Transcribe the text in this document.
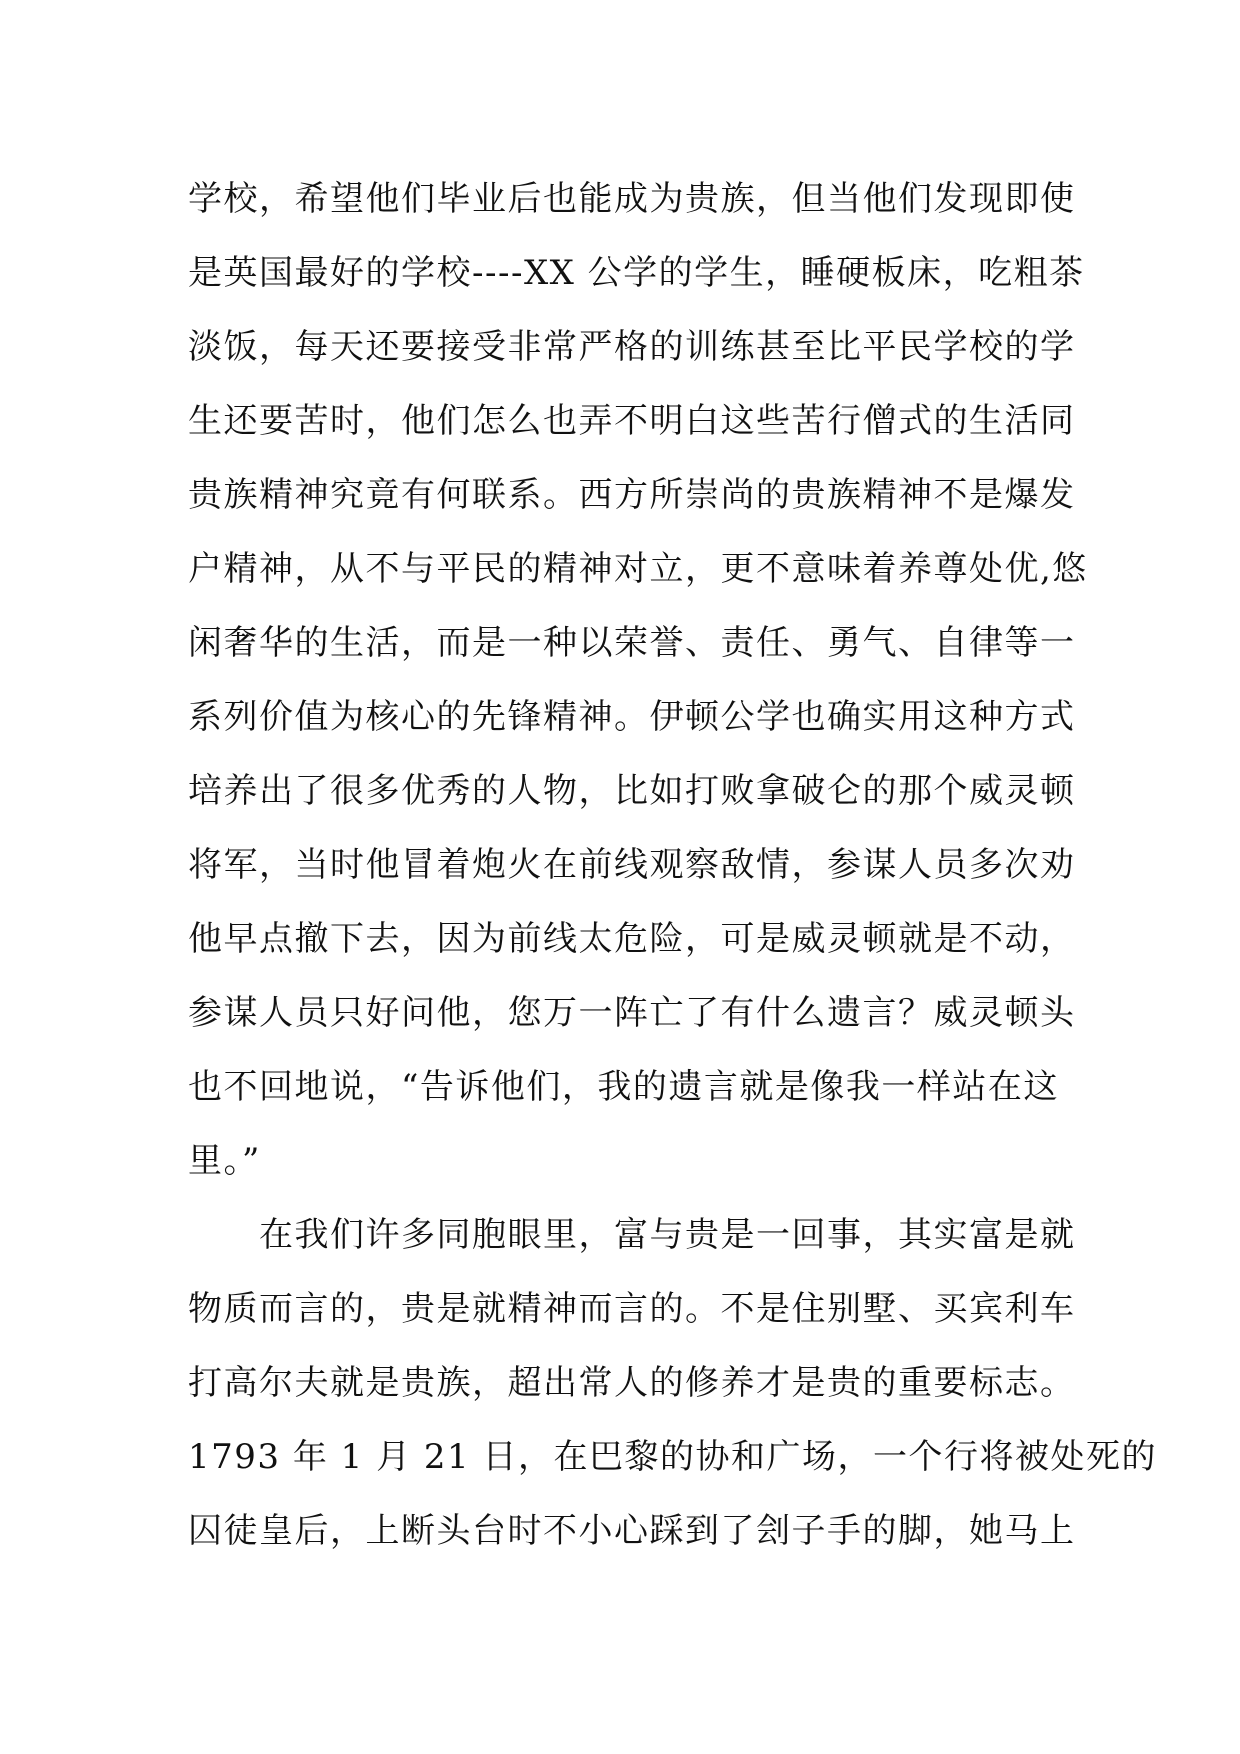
学校，希望他们毕业后也能成为贵族，但当他们发现即使
是英国最好的学校----XX 公学的学生，睡硬板床，吃粗茶
淡饭，每天还要接受非常严格的训练甚至比平民学校的学
生还要苦时，他们怎么也弄不明白这些苦行僧式的生活同
贵族精神究竟有何联系。西方所崇尚的贵族精神不是爆发
户精神，从不与平民的精神对立，更不意味着养尊处优,悠
闲奢华的生活，而是一种以荣誉、责任、勇气、自律等一
系列价值为核心的先锋精神。伊顿公学也确实用这种方式
培养出了很多优秀的人物，比如打败拿破仑的那个威灵顿
将军，当时他冒着炮火在前线观察敌情，参谋人员多次劝
他早点撤下去，因为前线太危险，可是威灵顿就是不动，
参谋人员只好问他，您万一阵亡了有什么遗言？威灵顿头
也不回地说，“告诉他们，我的遗言就是像我一样站在这
里。”
　　在我们许多同胞眼里，富与贵是一回事，其实富是就
物质而言的，贵是就精神而言的。不是住别墅、买宾利车
打高尔夫就是贵族，超出常人的修养才是贵的重要标志。
1793 年 1 月 21 日，在巴黎的协和广场，一个行将被处死的
囚徒皇后，上断头台时不小心踩到了刽子手的脚，她马上
